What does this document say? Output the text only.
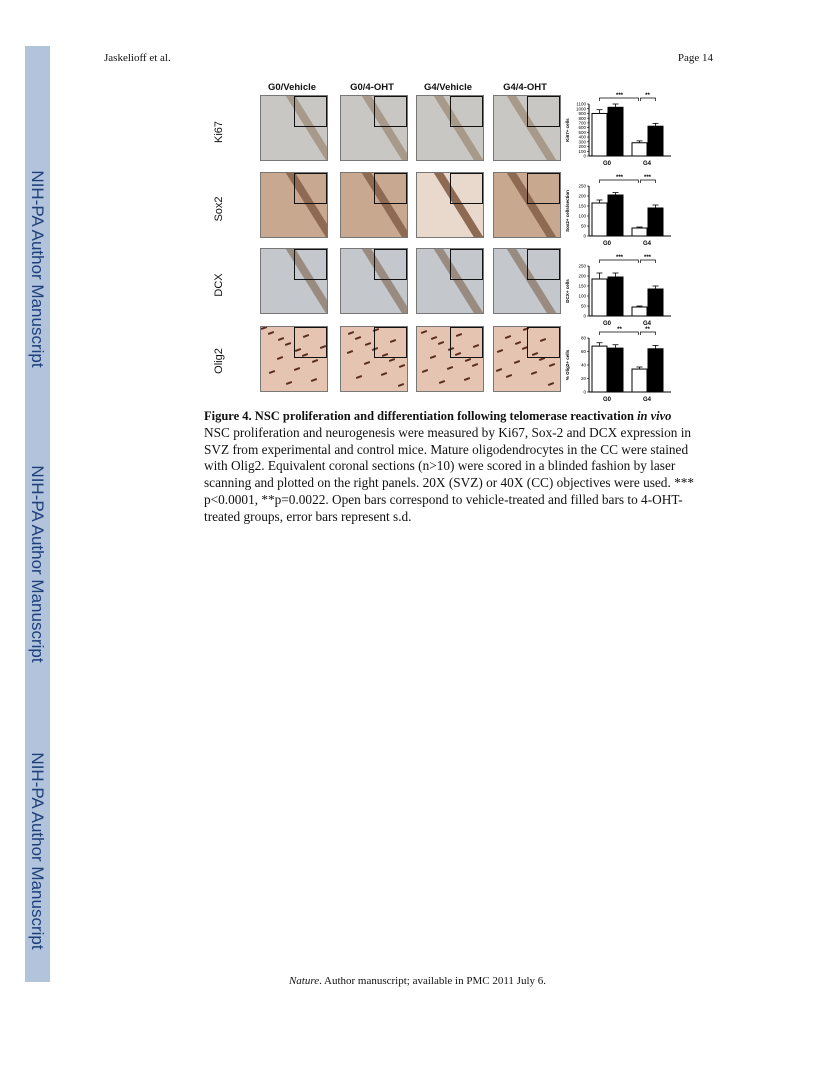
NIH-PA Author Manuscript
NIH-PA Author Manuscript
NIH-PA Author Manuscript
Jaskelioff et al.	Page 14
G0/Vehicle	G0/4-OHT	G4/Vehicle	G4/4-OHT
Ki67
Sox2
DCX
Olig2
Ki67+ cells
0
100
200
300
400
500
600
700
800
900
1000
1100
G0	G4
***	**
Sox2+ cells/section
0
50
100
150
200
250
G0	G4
***	***
DCX+ cells
0
50
100
150
200
250
G0	G4
***	***
% Olig2+ cells
0
20
40
60
80
G0	G4
**	**
Figure 4. NSC proliferation and differentiation following telomerase reactivation in vivo
NSC proliferation and neurogenesis were measured by Ki67, Sox-2 and DCX expression in SVZ from experimental and control mice. Mature oligodendrocytes in the CC were stained with Olig2. Equivalent coronal sections (n>10) were scored in a blinded fashion by laser scanning and plotted on the right panels. 20X (SVZ) or 40X (CC) objectives were used. *** p<0.0001, **p=0.0022. Open bars correspond to vehicle-treated and filled bars to 4-OHT-treated groups, error bars represent s.d.
Nature. Author manuscript; available in PMC 2011 July 6.
